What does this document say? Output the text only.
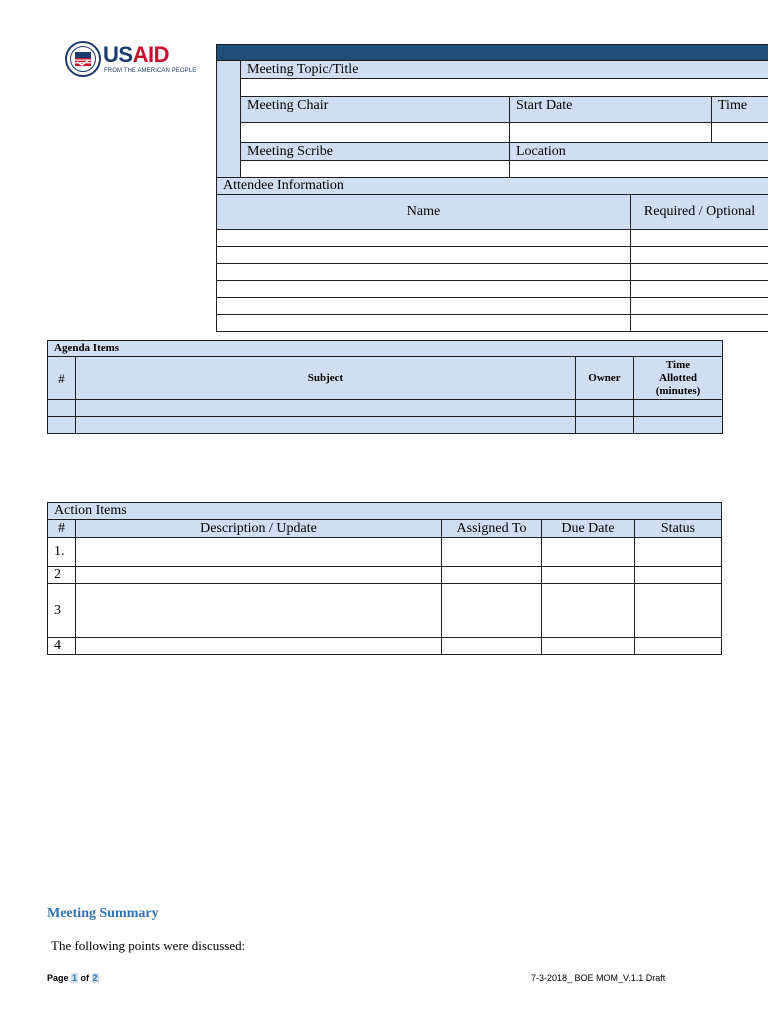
USAID
FROM THE AMERICAN PEOPLE

		Meeting Topic/Title		

	Meeting Chair	Start Date	Time

	Meeting Scribe	Location	

Attendee Information	
Name	Required / Optional

Agenda Items			
#	Subject	Owner	Time Allotted (minutes)

Action Items				
#	Description / Update	Assigned To	Due Date	Status
1.				
2				
3				
4				
Meeting Summary
The following points were discussed:
Page 1 of 2	7-3-2018_ BOE MOM_V.1.1 Draft
